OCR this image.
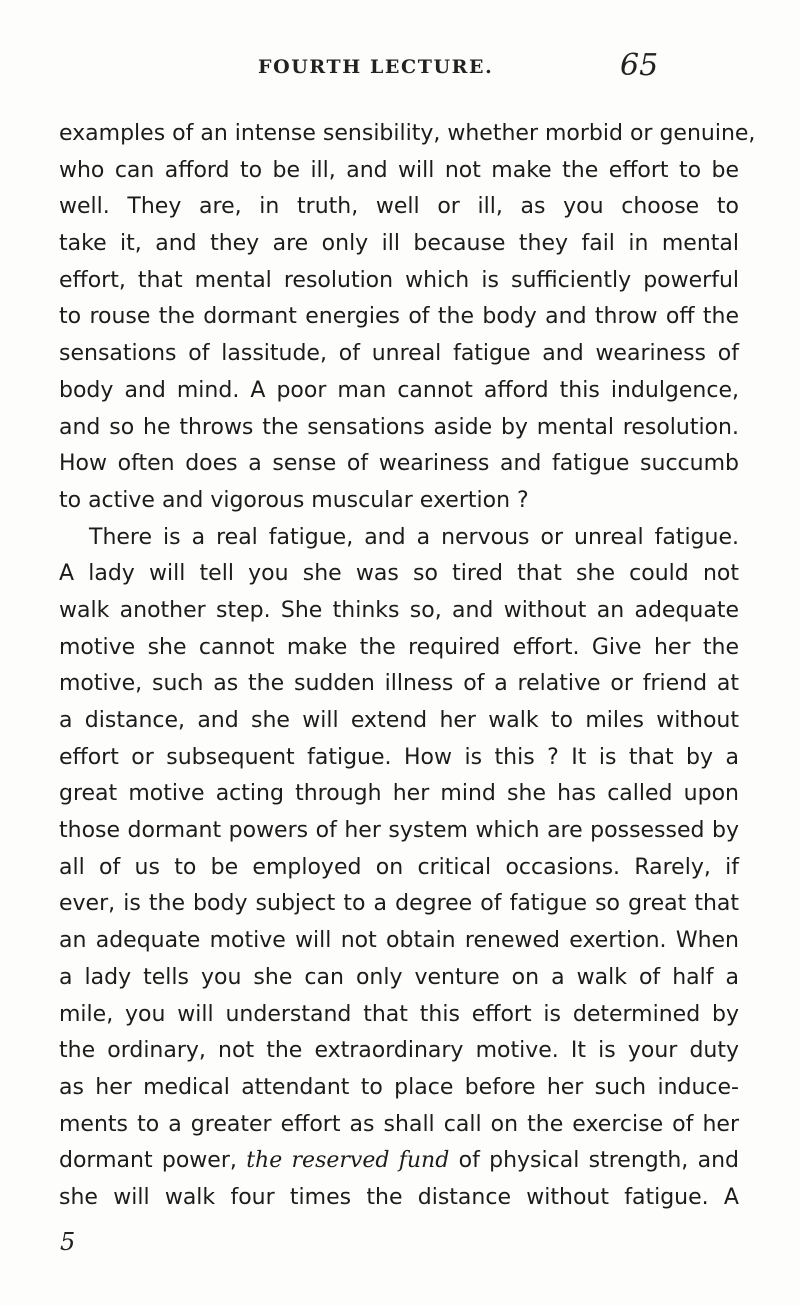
FOURTH LECTURE.	65
examples of an intense sensibility, whether morbid or genuine,
who can afford to be ill, and will not make the effort to be
well. They are, in truth, well or ill, as you choose to
take it, and they are only ill because they fail in mental
effort, that mental resolution which is sufficiently powerful
to rouse the dormant energies of the body and throw off the
sensations of lassitude, of unreal fatigue and weariness of
body and mind. A poor man cannot afford this indulgence,
and so he throws the sensations aside by mental resolution.
How often does a sense of weariness and fatigue succumb
to active and vigorous muscular exertion ?
There is a real fatigue, and a nervous or unreal fatigue.
A lady will tell you she was so tired that she could not
walk another step. She thinks so, and without an adequate
motive she cannot make the required effort. Give her the
motive, such as the sudden illness of a relative or friend at
a distance, and she will extend her walk to miles without
effort or subsequent fatigue. How is this ? It is that by a
great motive acting through her mind she has called upon
those dormant powers of her system which are possessed by
all of us to be employed on critical occasions. Rarely, if
ever, is the body subject to a degree of fatigue so great that
an adequate motive will not obtain renewed exertion. When
a lady tells you she can only venture on a walk of half a
mile, you will understand that this effort is determined by
the ordinary, not the extraordinary motive. It is your duty
as her medical attendant to place before her such induce-
ments to a greater effort as shall call on the exercise of her
dormant power, the reserved fund of physical strength, and
she will walk four times the distance without fatigue. A
5
